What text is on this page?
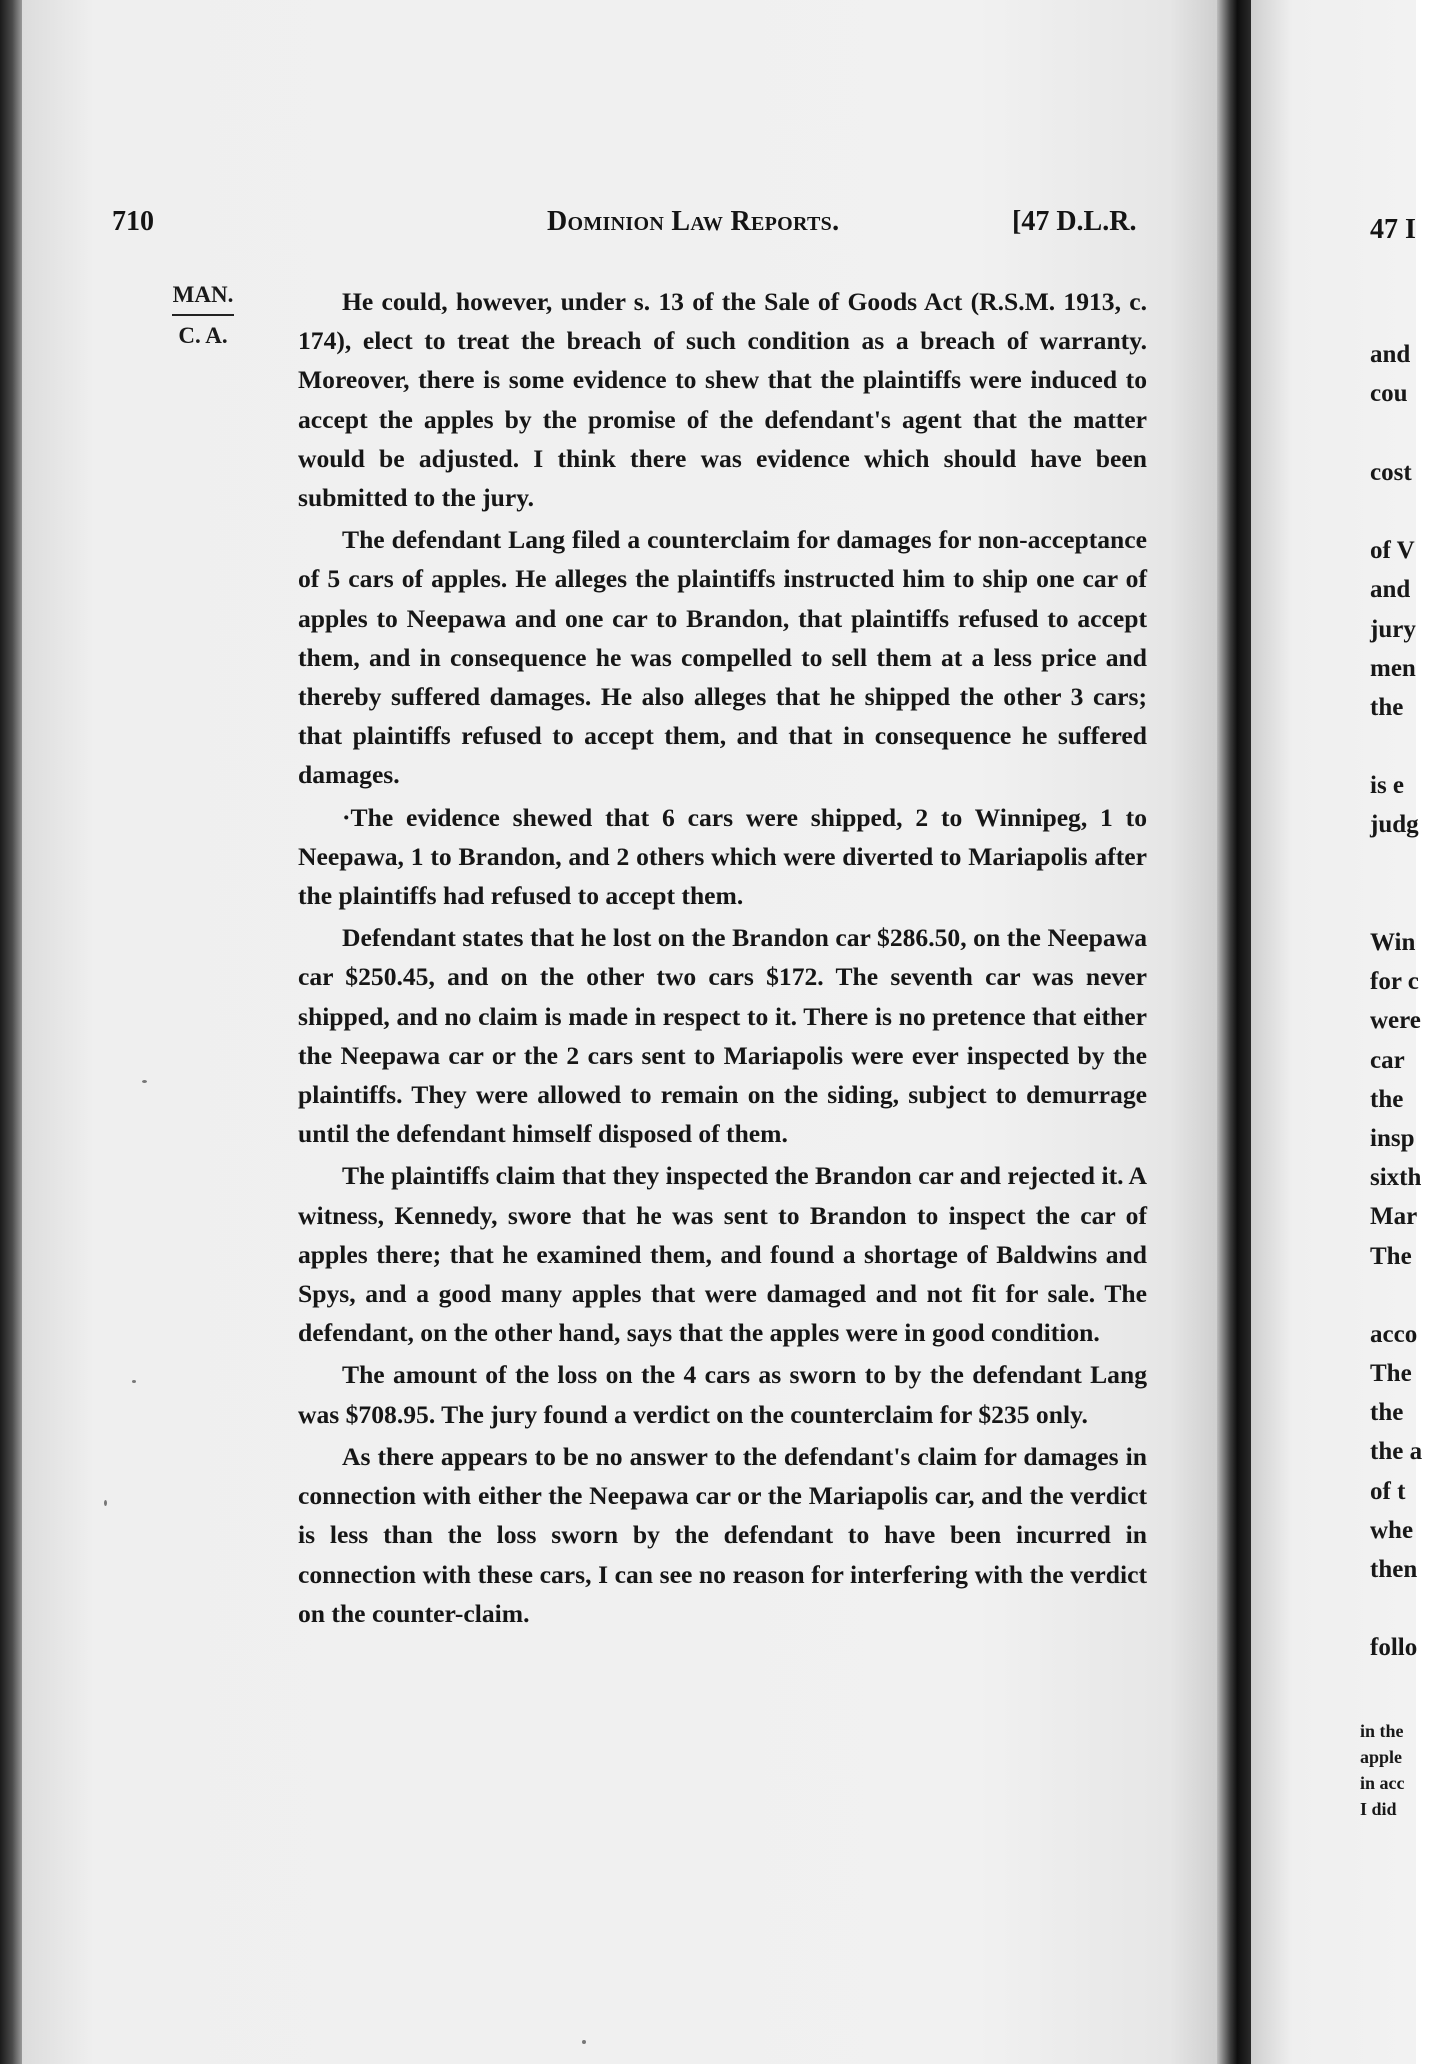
710	Dominion Law Reports.	[47 D.L.R.
MAN.
C. A.

He could, however, under s. 13 of the Sale of Goods Act (R.S.M. 1913, c. 174), elect to treat the breach of such condition as a breach of warranty. Moreover, there is some evidence to shew that the plaintiffs were induced to accept the apples by the promise of the defendant's agent that the matter would be adjusted. I think there was evidence which should have been submitted to the jury.

The defendant Lang filed a counterclaim for damages for non-acceptance of 5 cars of apples. He alleges the plaintiffs instructed him to ship one car of apples to Neepawa and one car to Brandon, that plaintiffs refused to accept them, and in consequence he was compelled to sell them at a less price and thereby suffered damages. He also alleges that he shipped the other 3 cars; that plaintiffs refused to accept them, and that in consequence he suffered damages.

·The evidence shewed that 6 cars were shipped, 2 to Winnipeg, 1 to Neepawa, 1 to Brandon, and 2 others which were diverted to Mariapolis after the plaintiffs had refused to accept them.

Defendant states that he lost on the Brandon car $286.50, on the Neepawa car $250.45, and on the other two cars $172. The seventh car was never shipped, and no claim is made in respect to it. There is no pretence that either the Neepawa car or the 2 cars sent to Mariapolis were ever inspected by the plaintiffs. They were allowed to remain on the siding, subject to demurrage until the defendant himself disposed of them.

The plaintiffs claim that they inspected the Brandon car and rejected it. A witness, Kennedy, swore that he was sent to Brandon to inspect the car of apples there; that he examined them, and found a shortage of Baldwins and Spys, and a good many apples that were damaged and not fit for sale. The defendant, on the other hand, says that the apples were in good condition.

The amount of the loss on the 4 cars as sworn to by the defendant Lang was $708.95. The jury found a verdict on the counterclaim for $235 only.

As there appears to be no answer to the defendant's claim for damages in connection with either the Neepawa car or the Mariapolis car, and the verdict is less than the loss sworn by the defendant to have been incurred in connection with these cars, I can see no reason for interfering with the verdict on the counter-claim.

47 I
and
cou
cost
of V
and
jury
men
the
is e
judg
Win
for c
were
car
the
insp
sixth
Mar
The
acco
The
the
the a
of t
whe
then
follo
in the
apple
in acc
I did
